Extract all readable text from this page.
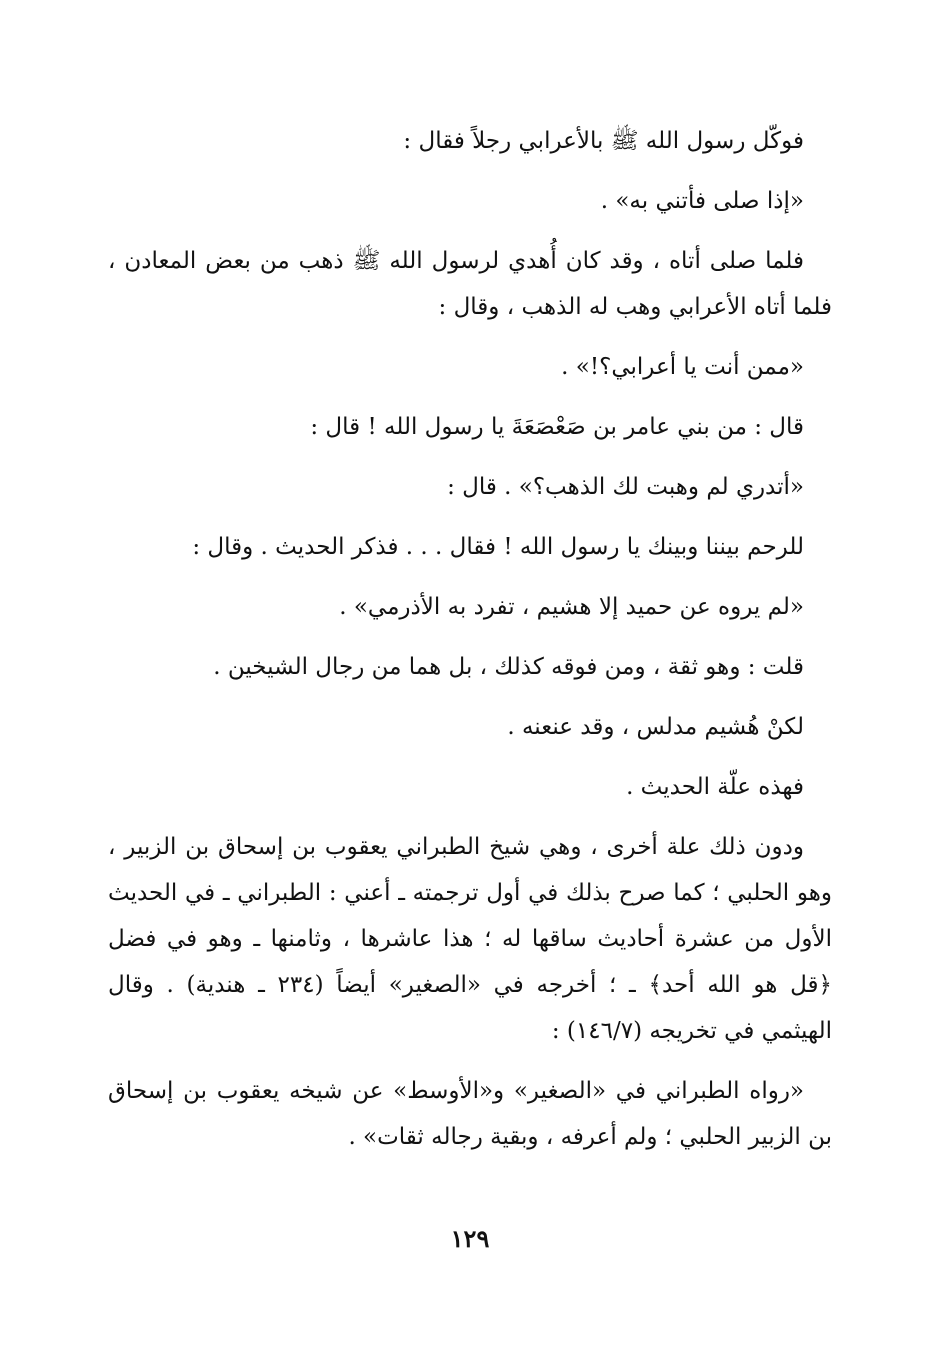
فوكّل رسول الله ﷺ بالأعرابي رجلاً فقال :

«إذا صلى فأتني به» .

فلما صلى أتاه ، وقد كان أُهدي لرسول الله ﷺ ذهب من بعض المعادن ، فلما أتاه الأعرابي وهب له الذهب ، وقال :

«ممن أنت يا أعرابي؟!» .

قال : من بني عامر بن صَعْصَعَةَ يا رسول الله ! قال :

«أتدري لم وهبت لك الذهب؟» . قال :

للرحم بيننا وبينك يا رسول الله ! فقال . . . فذكر الحديث . وقال :

«لم يروه عن حميد إلا هشيم ، تفرد به الأذرمي» .

قلت : وهو ثقة ، ومن فوقه كذلك ، بل هما من رجال الشيخين .

لكنْ هُشيم مدلس ، وقد عنعنه .

فهذه علّة الحديث .

ودون ذلك علة أخرى ، وهي شيخ الطبراني يعقوب بن إسحاق بن الزبير ، وهو الحلبي ؛ كما صرح بذلك في أول ترجمته ـ أعني : الطبراني ـ في الحديث الأول من عشرة أحاديث ساقها له ؛ هذا عاشرها ، وثامنها ـ وهو في فضل ﴿قل هو الله أحد﴾ ـ ؛ أخرجه في «الصغير» أيضاً (٢٣٤ ـ هندية) . وقال الهيثمي في تخريجه (١٤٦/٧) :

«رواه الطبراني في «الصغير» و«الأوسط» عن شيخه يعقوب بن إسحاق بن الزبير الحلبي ؛ ولم أعرفه ، وبقية رجاله ثقات» .

١٢٩
